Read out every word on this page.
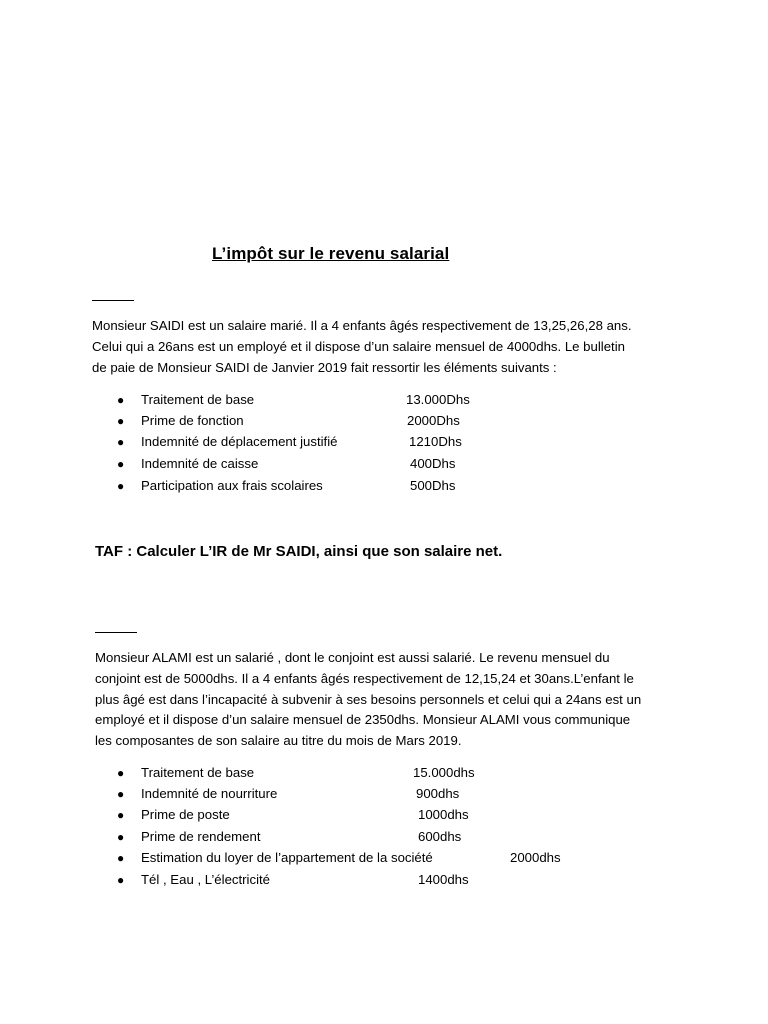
L’impôt sur le revenu salarial

Monsieur SAIDI est un salaire marié. Il a 4 enfants âgés respectivement de 13,25,26,28 ans.
Celui qui a 26ans est un employé et il dispose d’un salaire mensuel de 4000dhs. Le bulletin
de paie de Monsieur SAIDI de Janvier 2019 fait ressortir les éléments suivants :

● Traitement de base	13.000Dhs
● Prime de fonction	2000Dhs
● Indemnité de déplacement justifié	1210Dhs
● Indemnité de caisse	400Dhs
● Participation aux frais scolaires	500Dhs
TAF : Calculer L’IR de Mr SAIDI, ainsi que son salaire net.

Monsieur ALAMI est un salarié , dont le conjoint est aussi salarié. Le revenu mensuel du
conjoint est de 5000dhs. Il a 4 enfants âgés respectivement de 12,15,24 et 30ans.L’enfant le
plus âgé est dans l’incapacité à subvenir à ses besoins personnels et celui qui a 24ans est un
employé et il dispose d’un salaire mensuel de 2350dhs. Monsieur ALAMI vous communique
les composantes de son salaire au titre du mois de Mars 2019.

● Traitement de base	15.000dhs
● Indemnité de nourriture	900dhs
● Prime de poste	1000dhs
● Prime de rendement	600dhs
● Estimation du loyer de l’appartement de la société	2000dhs
● Tél , Eau , L’électricité	1400dhs
